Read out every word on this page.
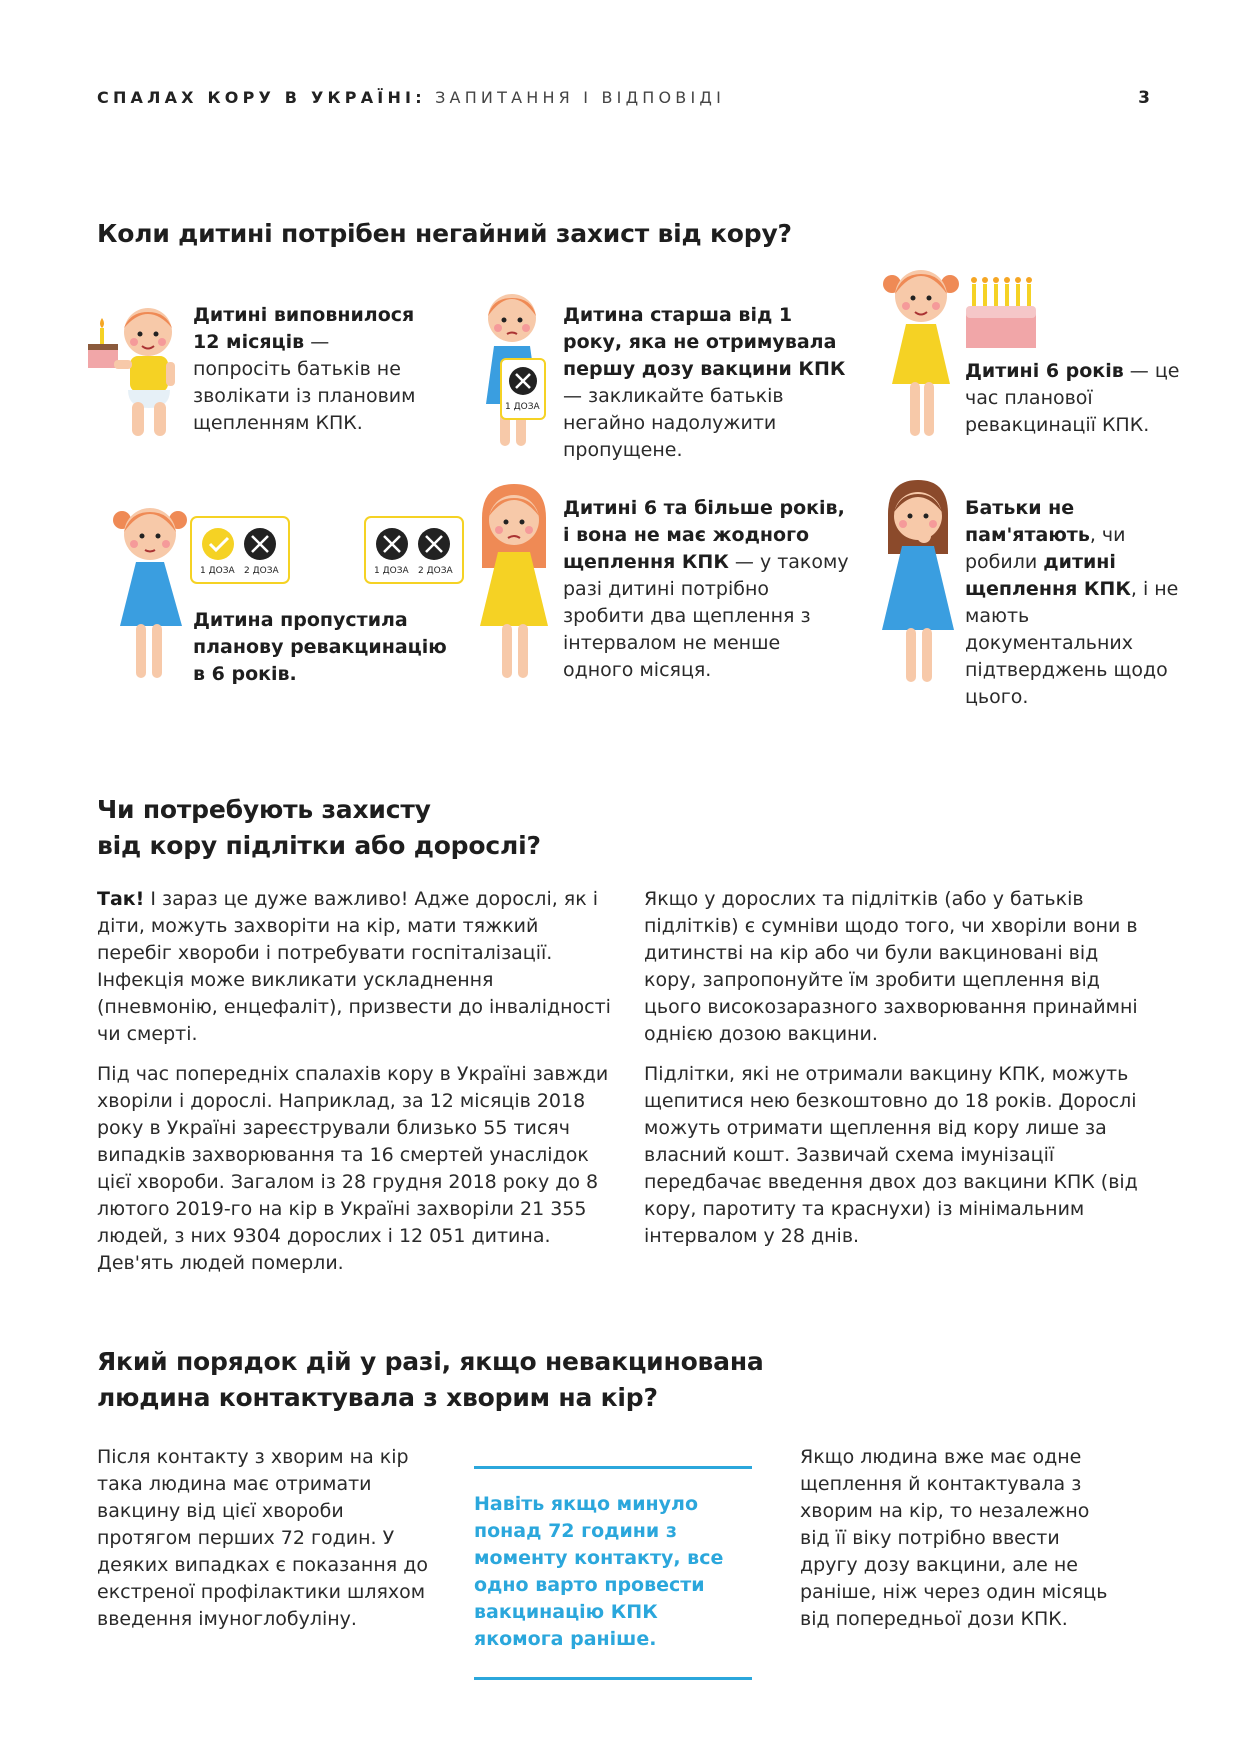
СПАЛАХ КОРУ В УКРАЇНІ: ЗАПИТАННЯ І ВІДПОВІДІ	3
Коли дитині потрібен негайний захист від кору?
Дитині виповнилося 12 місяців — попросіть батьків не зволікати із плановим щепленням КПК.
1 ДОЗА
Дитина старша від 1 року, яка не отримувала першу дозу вакцини КПК — закликайте батьків негайно надолужити пропущене.
Дитині 6 років — це час планової ревакцинації КПК.
1 ДОЗА 2 ДОЗА
Дитина пропустила планову ревакцинацію в 6 років.
1 ДОЗА 2 ДОЗА
Дитині 6 та більше років, і вона не має жодного щеплення КПК — у такому разі дитині потрібно зробити два щеплення з інтервалом не менше одного місяця.
Батьки не пам'ятають, чи робили дитині щеплення КПК, і не мають документальних підтверджень щодо цього.
Чи потребують захисту
від кору підлітки або дорослі?

Так! І зараз це дуже важливо! Адже дорослі, як і діти, можуть захворіти на кір, мати тяжкий перебіг хвороби і потребувати госпіталізації. Інфекція може викликати ускладнення (пневмонію, енцефаліт), призвести до інвалідності чи смерті.

Під час попередніх спалахів кору в Україні завжди хворіли і дорослі. Наприклад, за 12 місяців 2018 року в Україні зареєстрували близько 55 тисяч випадків захворювання та 16 смертей унаслідок цієї хвороби. Загалом із 28 грудня 2018 року до 8 лютого 2019-го на кір в Україні захворіли 21 355 людей, з них 9304 дорослих і 12 051 дитина. Дев'ять людей померли.

Якщо у дорослих та підлітків (або у батьків підлітків) є сумніви щодо того, чи хворіли вони в дитинстві на кір або чи були вакциновані від кору, запропонуйте їм зробити щеплення від цього високозаразного захворювання принаймні однією дозою вакцини.

Підлітки, які не отримали вакцину КПК, можуть щепитися нею безкоштовно до 18 років. Дорослі можуть отримати щеплення від кору лише за власний кошт. Зазвичай схема імунізації передбачає введення двох доз вакцини КПК (від кору, паротиту та краснухи) із мінімальним інтервалом у 28 днів.

Який порядок дій у разі, якщо невакцинована
людина контактувала з хворим на кір?

Після контакту з хворим на кір така людина має отримати вакцину від цієї хвороби протягом перших 72 годин. У деяких випадках є показання до екстреної профілактики шляхом введення імуноглобуліну.

Навіть якщо минуло понад 72 години з моменту контакту, все одно варто провести вакцинацію КПК якомога раніше.

Якщо людина вже має одне щеплення й контактувала з хворим на кір, то незалежно від її віку потрібно ввести другу дозу вакцини, але не раніше, ніж через один місяць від попередньої дози КПК.
